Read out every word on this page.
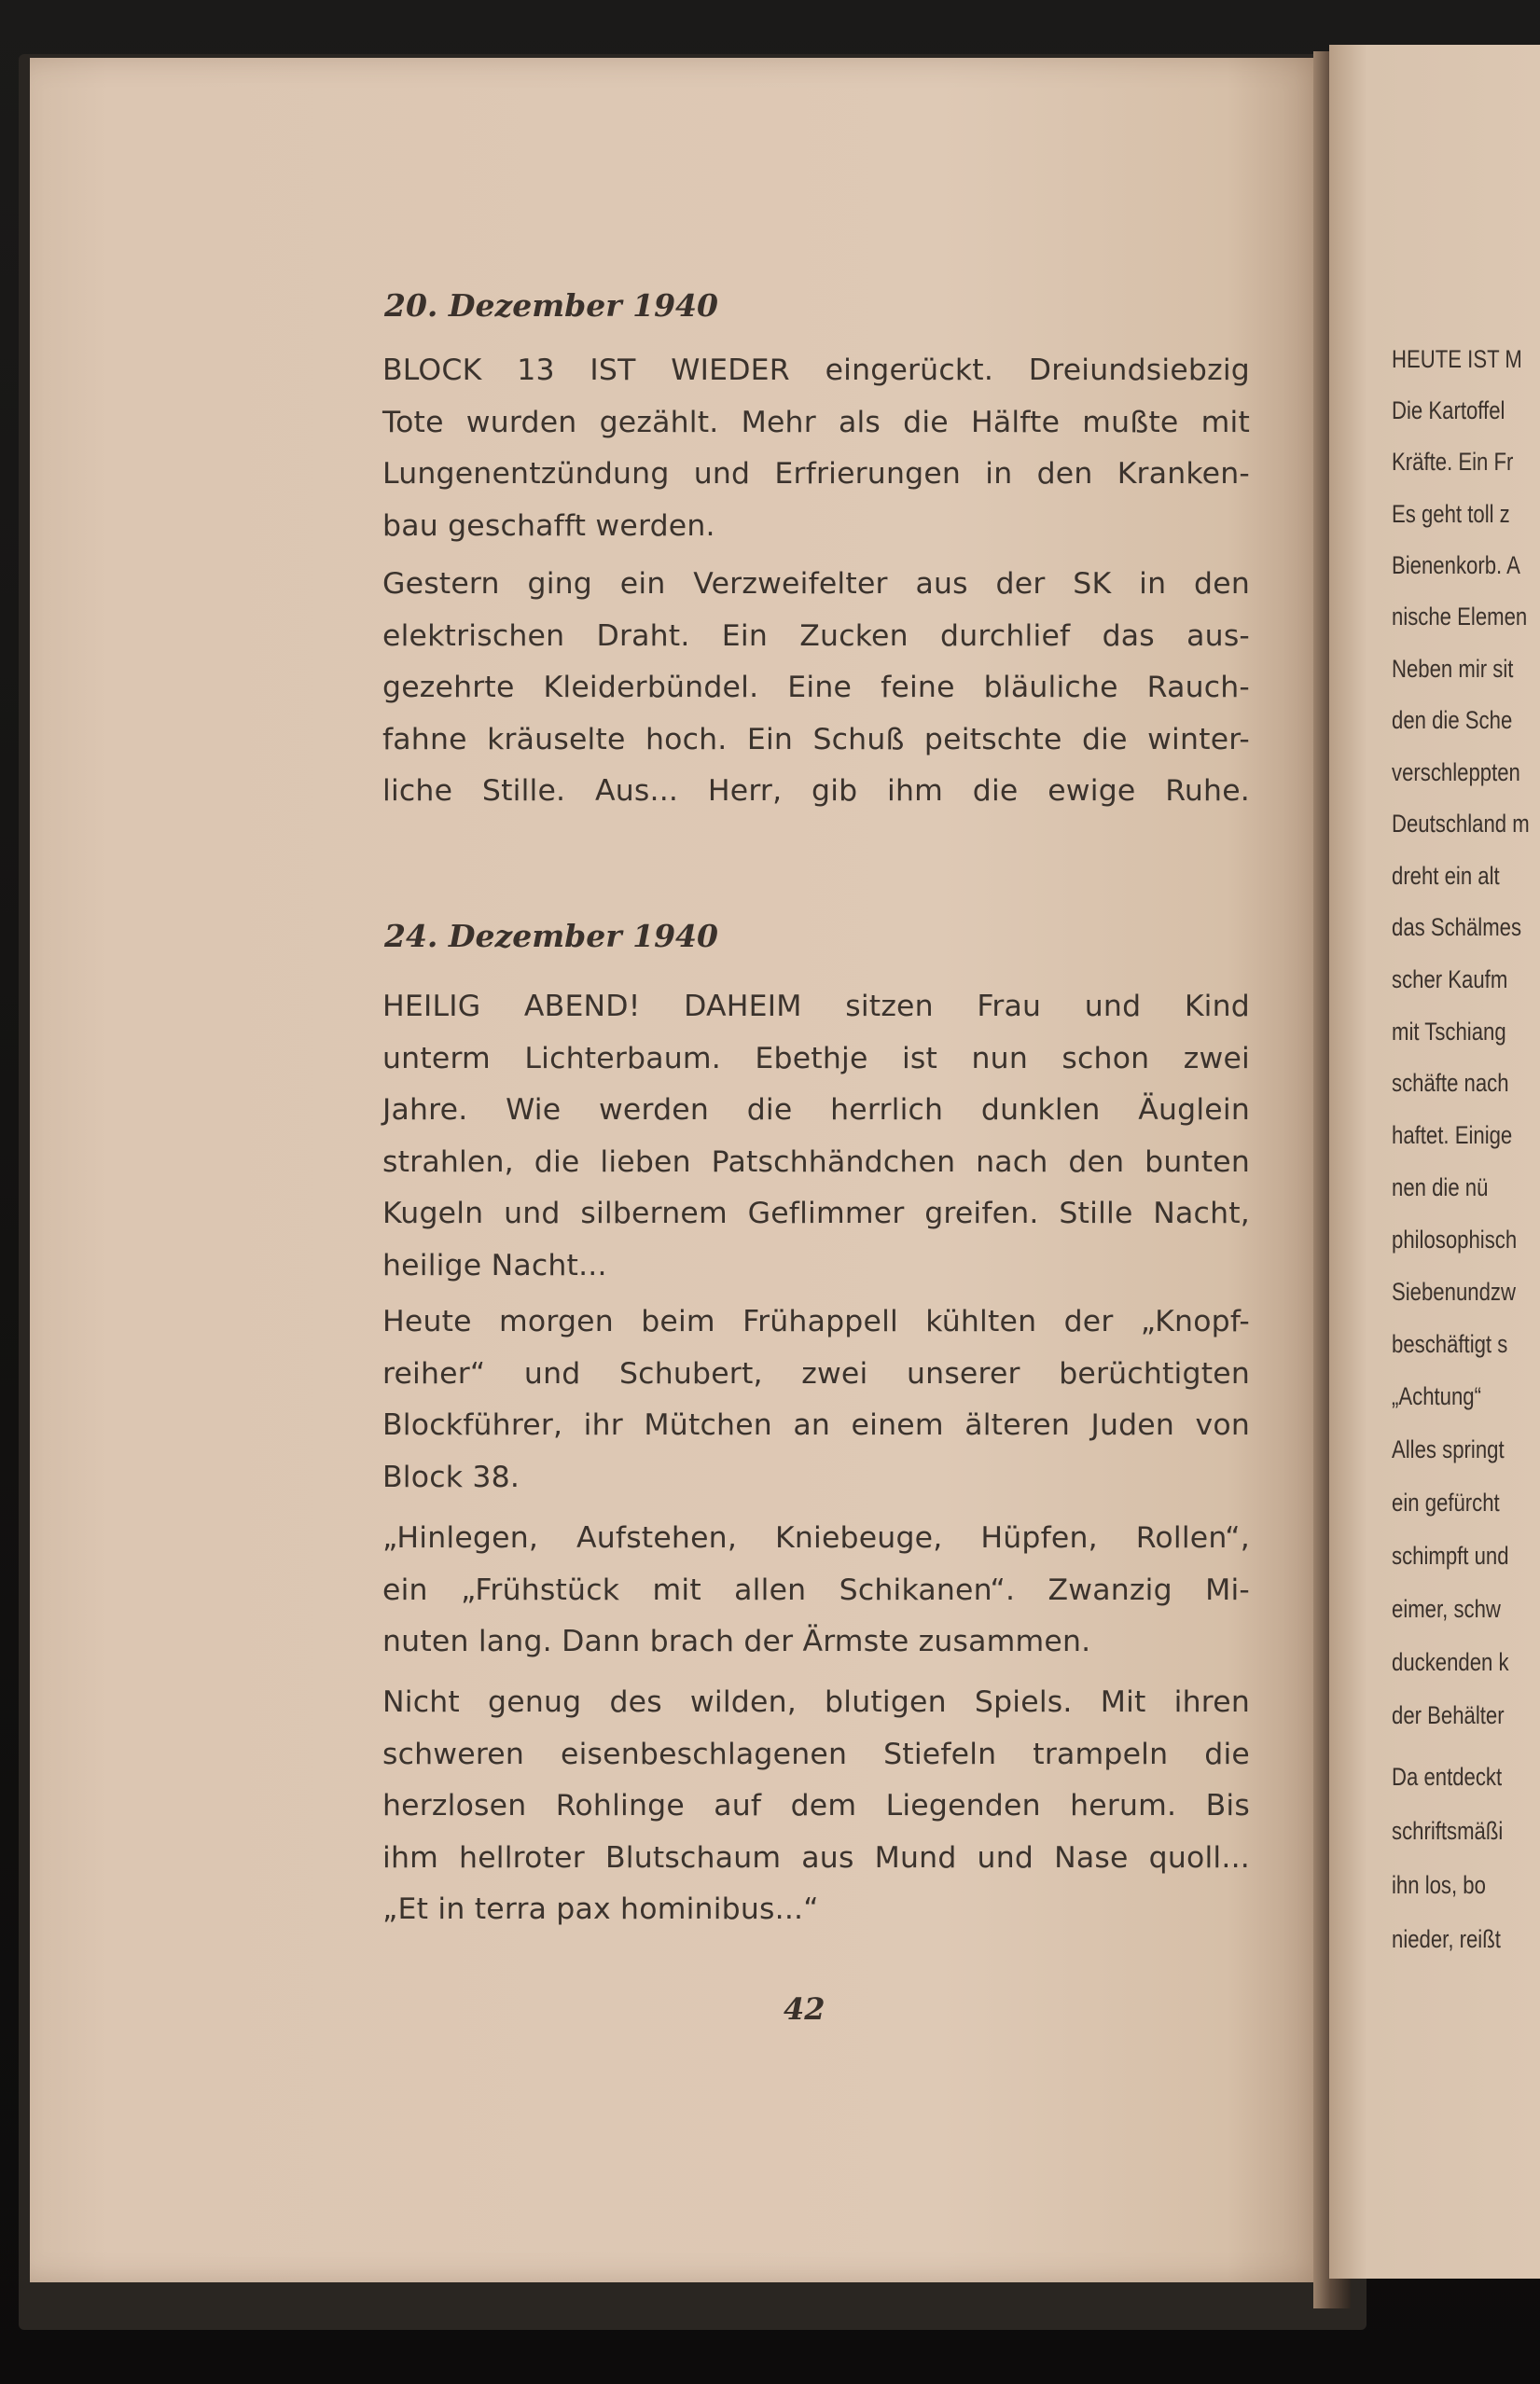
20. Dezember 1940
BLOCK 13 IST WIEDER eingerückt. Dreiundsiebzig
Tote wurden gezählt. Mehr als die Hälfte mußte mit
Lungenentzündung und Erfrierungen in den Kranken-
bau geschafft werden.
Gestern ging ein Verzweifelter aus der SK in den
elektrischen Draht. Ein Zucken durchlief das aus-
gezehrte Kleiderbündel. Eine feine bläuliche Rauch-
fahne kräuselte hoch. Ein Schuß peitschte die winter-
liche Stille. Aus... Herr, gib ihm die ewige Ruhe.
24. Dezember 1940
HEILIG ABEND! DAHEIM sitzen Frau und Kind
unterm Lichterbaum. Ebethje ist nun schon zwei
Jahre. Wie werden die herrlich dunklen Äuglein
strahlen, die lieben Patschhändchen nach den bunten
Kugeln und silbernem Geflimmer greifen. Stille Nacht,
heilige Nacht...
Heute morgen beim Frühappell kühlten der „Knopf-
reiher“ und Schubert, zwei unserer berüchtigten
Blockführer, ihr Mütchen an einem älteren Juden von
Block 38.
„Hinlegen, Aufstehen, Kniebeuge, Hüpfen, Rollen“,
ein „Frühstück mit allen Schikanen“. Zwanzig Mi-
nuten lang. Dann brach der Ärmste zusammen.
Nicht genug des wilden, blutigen Spiels. Mit ihren
schweren eisenbeschlagenen Stiefeln trampeln die
herzlosen Rohlinge auf dem Liegenden herum. Bis
ihm hellroter Blutschaum aus Mund und Nase quoll...
„Et in terra pax hominibus...“
42
HEUTE IST M
Die Kartoffel
Kräfte. Ein Fr
Es geht toll z
Bienenkorb. A
nische Elemen
Neben mir sit
den die Sche
verschleppten
Deutschland m
dreht ein alt
das Schälmes
scher Kaufm
mit Tschiang
schäfte nach
haftet. Einige
nen die nü
philosophisch
Siebenundzw
beschäftigt s
„Achtung“
Alles springt
ein gefürcht
schimpft und
eimer, schw
duckenden k
der Behälter
Da entdeckt
schriftsmäßi
ihn los, bo
nieder, reißt
